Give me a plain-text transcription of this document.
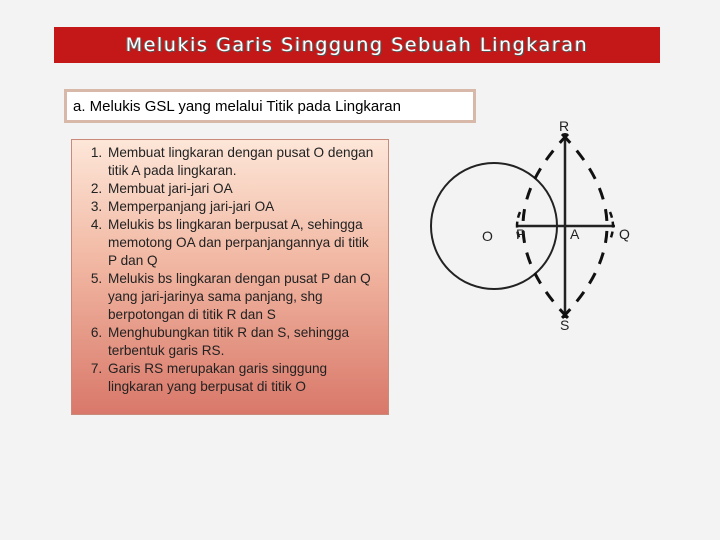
Melukis Garis Singgung Sebuah Lingkaran
a. Melukis GSL yang melalui Titik pada Lingkaran
1. Membuat lingkaran dengan pusat O dengan titik A pada lingkaran.
2. Membuat jari-jari OA
3. Memperpanjang jari-jari OA
4. Melukis bs lingkaran berpusat A, sehingga memotong OA dan perpanjangannya di titik P dan Q
5. Melukis bs lingkaran dengan pusat P dan Q yang jari-jarinya sama panjang, shg berpotongan di titik R dan S
6. Menghubungkan titik R dan S, sehingga terbentuk garis RS.
7. Garis RS merupakan garis singgung lingkaran yang berpusat di titik O
R
O P	A	Q
S
